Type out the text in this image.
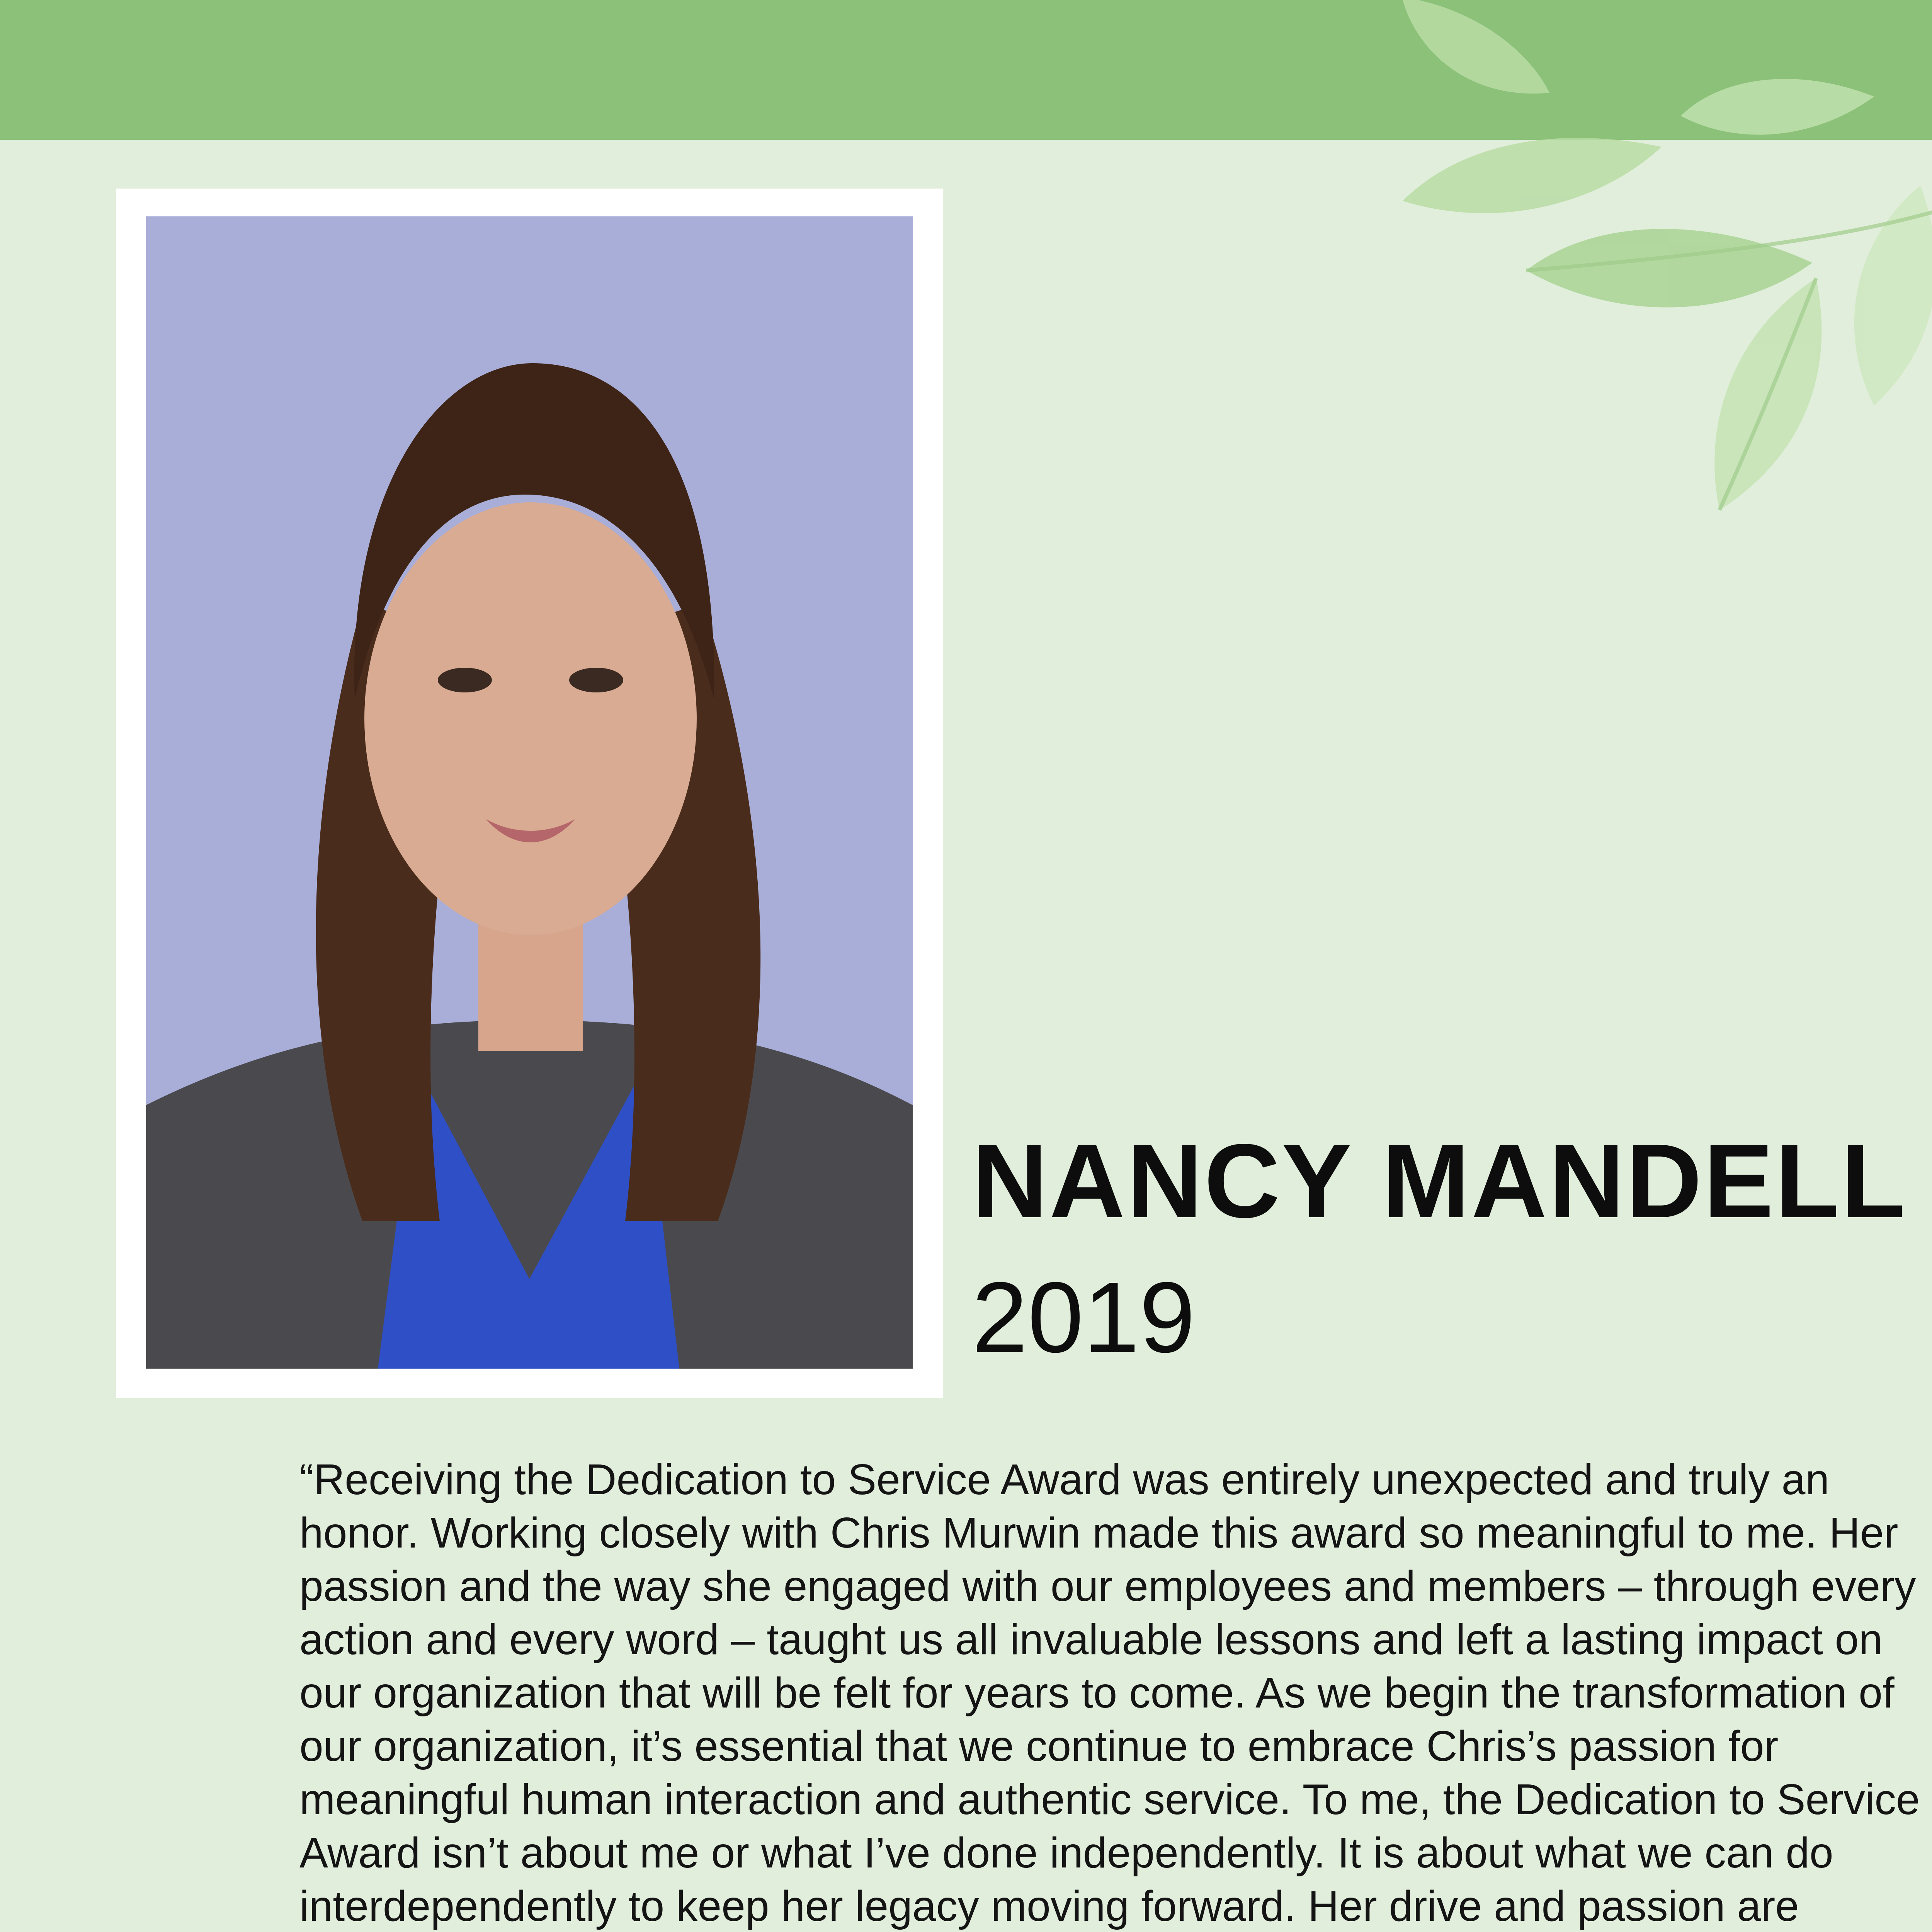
NANCY MANDELL
2019
“Receiving the Dedication to Service Award was entirely unexpected and truly an honor. Working closely with Chris Murwin made this award so meaningful to me. Her passion and the way she engaged with our employees and members – through every action and every word – taught us all invaluable lessons and left a lasting impact on our organization that will be felt for years to come. As we begin the transformation of our organization, it’s essential that we continue to embrace Chris’s passion for meaningful human interaction and authentic service. To me, the Dedication to Service Award isn’t about me or what I’ve done independently. It is about what we can do interdependently to keep her legacy moving forward. Her drive and passion are
